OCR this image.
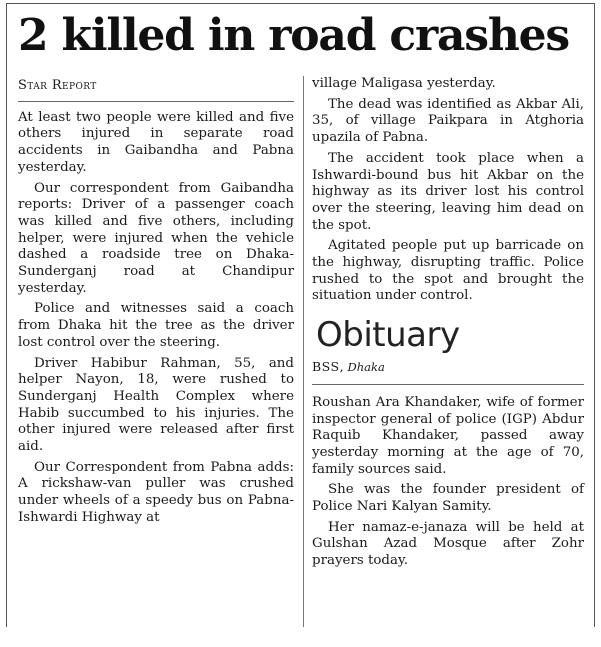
2 killed in road crashes
Star Report

At least two people were killed and five others injured in separate road accidents in Gaibandha and Pabna yesterday.

Our correspondent from Gaibandha reports: Driver of a passenger coach was killed and five others, including helper, were injured when the vehicle dashed a roadside tree on Dhaka-Sunderganj road at Chandipur yesterday.

Police and witnesses said a coach from Dhaka hit the tree as the driver lost control over the steering.

Driver Habibur Rahman, 55, and helper Nayon, 18, were rushed to Sunderganj Health Complex where Habib succumbed to his injuries. The other injured were released after first aid.

Our Correspondent from Pabna adds: A rickshaw-van puller was crushed under wheels of a speedy bus on Pabna-Ishwardi Highway at

village Maligasa yesterday.

The dead was identified as Akbar Ali, 35, of village Paikpara in Atghoria upazila of Pabna.

The accident took place when a Ishwardi-bound bus hit Akbar on the highway as its driver lost his control over the steering, leaving him dead on the spot.

Agitated people put up barricade on the highway, disrupting traffic. Police rushed to the spot and brought the situation under control.

Obituary
BSS, Dhaka

Roushan Ara Khandaker, wife of former inspector general of police (IGP) Abdur Raquib Khandaker, passed away yesterday morning at the age of 70, family sources said.

She was the founder president of Police Nari Kalyan Samity.

Her namaz-e-janaza will be held at Gulshan Azad Mosque after Zohr prayers today.
